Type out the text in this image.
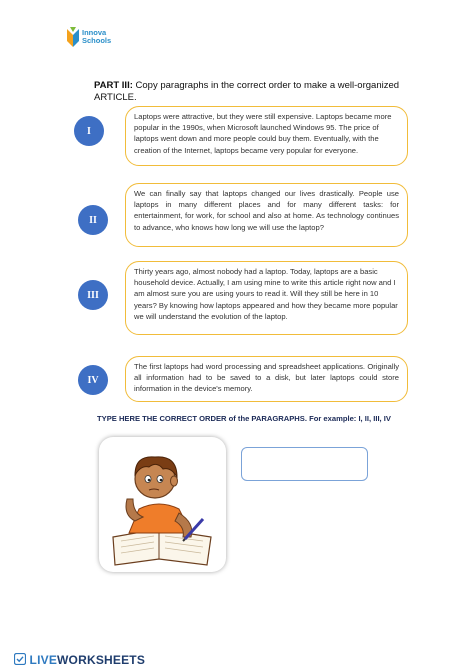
Innova
Schools
PART III: Copy paragraphs in the correct order to make a well-organized ARTICLE.
I
Laptops were attractive, but they were still expensive. Laptops became more popular in the 1990s, when Microsoft launched Windows 95. The price of laptops went down and more people could buy them. Eventually, with the creation of the Internet, laptops became very popular for everyone.
II
We can finally say that laptops changed our lives drastically. People use laptops in many different places and for many different tasks: for entertainment, for work, for school and also at home. As technology continues to advance, who knows how long we will use the laptop?
III
Thirty years ago, almost nobody had a laptop. Today, laptops are a basic household device. Actually, I am using mine to write this article right now and I am almost sure you are using yours to read it. Will they still be here in 10 years? By knowing how laptops appeared and how they became more popular we will understand the evolution of the laptop.
IV
The first laptops had word processing and spreadsheet applications. Originally all information had to be saved to a disk, but later laptops could store information in the device's memory.
TYPE HERE THE CORRECT ORDER of the PARAGRAPHS. For example: I, II, III, IV
LIVEWORKSHEETS
